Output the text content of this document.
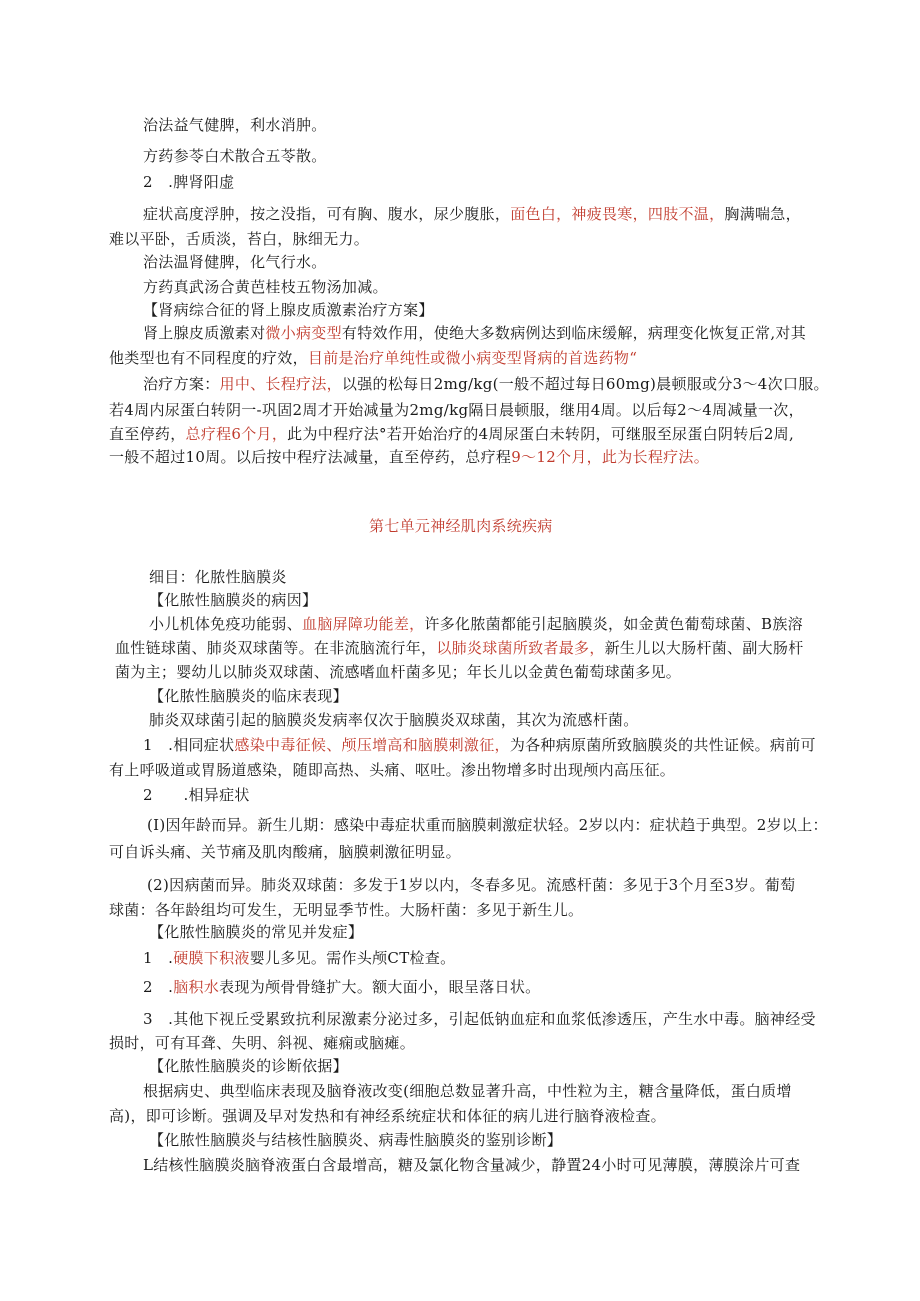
治法益气健脾，利水消肿。
方药参苓白术散合五苓散。
2　.脾肾阳虚
症状高度浮肿，按之没指，可有胸、腹水，尿少腹胀，面色白，神疲畏寒，四肢不温，胸满喘急，
难以平卧，舌质淡，苔白，脉细无力。
治法温肾健脾，化气行水。
方药真武汤合黄芭桂枝五物汤加减。
【肾病综合征的肾上腺皮质激素治疗方案】
肾上腺皮质激素对微小病变型有特效作用，使绝大多数病例达到临床缓解，病理变化恢复正常,对其
他类型也有不同程度的疗效，目前是治疗单纯性或微小病变型肾病的首选药物“
治疗方案：用中、长程疗法，以强的松每日2mg∕kg(一般不超过每日60mg)晨顿服或分3～4次口服。
若4周内尿蛋白转阴一-巩固2周才开始减量为2mg∕kg隔日晨顿服，继用4周。以后每2～4周减量一次，
直至停药，总疗程6个月，此为中程疗法°若开始治疗的4周尿蛋白未转阴，可继服至尿蛋白阴转后2周,
一般不超过10周。以后按中程疗法减量，直至停药，总疗程9～12个月，此为长程疗法。
第七单元神经肌肉系统疾病
细目：化脓性脑膜炎
【化脓性脑膜炎的病因】
小儿机体免疫功能弱、血脑屏障功能差，许多化脓菌都能引起脑膜炎，如金黄色葡萄球菌、B族溶
血性链球菌、肺炎双球菌等。在非流脑流行年，以肺炎球菌所致者最多，新生儿以大肠杆菌、副大肠杆
菌为主；婴幼儿以肺炎双球菌、流感嗜血杆菌多见；年长儿以金黄色葡萄球菌多见。
【化脓性脑膜炎的临床表现】
肺炎双球菌引起的脑膜炎发病率仅次于脑膜炎双球菌，其次为流感杆菌。
1　.相同症状感染中毒征候、颅压增高和脑膜刺激征，为各种病原菌所致脑膜炎的共性证候。病前可
有上呼吸道或胃肠道感染，随即高热、头痛、呕吐。渗出物增多时出现颅内高压征。
2　　.相异症状
(I)因年龄而异。新生儿期：感染中毒症状重而脑膜刺激症状轻。2岁以内：症状趋于典型。2岁以上：
可自诉头痛、关节痛及肌肉酸痛，脑膜刺激征明显。
(2)因病菌而异。肺炎双球菌：多发于1岁以内，冬春多见。流感杆菌：多见于3个月至3岁。葡萄
球菌：各年龄组均可发生，无明显季节性。大肠杆菌：多见于新生儿。
【化脓性脑膜炎的常见并发症】
1　.硬膜下积液婴儿多见。需作头颅CT检查。
2　.脑积水表现为颅骨骨缝扩大。额大面小，眼呈落日状。
3　.其他下视丘受累致抗利尿激素分泌过多，引起低钠血症和血浆低渗透压，产生水中毒。脑神经受
损时，可有耳聋、失明、斜视、瘫痫或脑瘫。
【化脓性脑膜炎的诊断依据】
根据病史、典型临床表现及脑脊液改变(细胞总数显著升高，中性粒为主，糖含量降低，蛋白质增
高)，即可诊断。强调及早对发热和有神经系统症状和体征的病儿进行脑脊液检查。
【化脓性脑膜炎与结核性脑膜炎、病毒性脑膜炎的鉴别诊断】
L结核性脑膜炎脑脊液蛋白含最增高，糖及氯化物含量减少，静置24小时可见薄膜，薄膜涂片可查
